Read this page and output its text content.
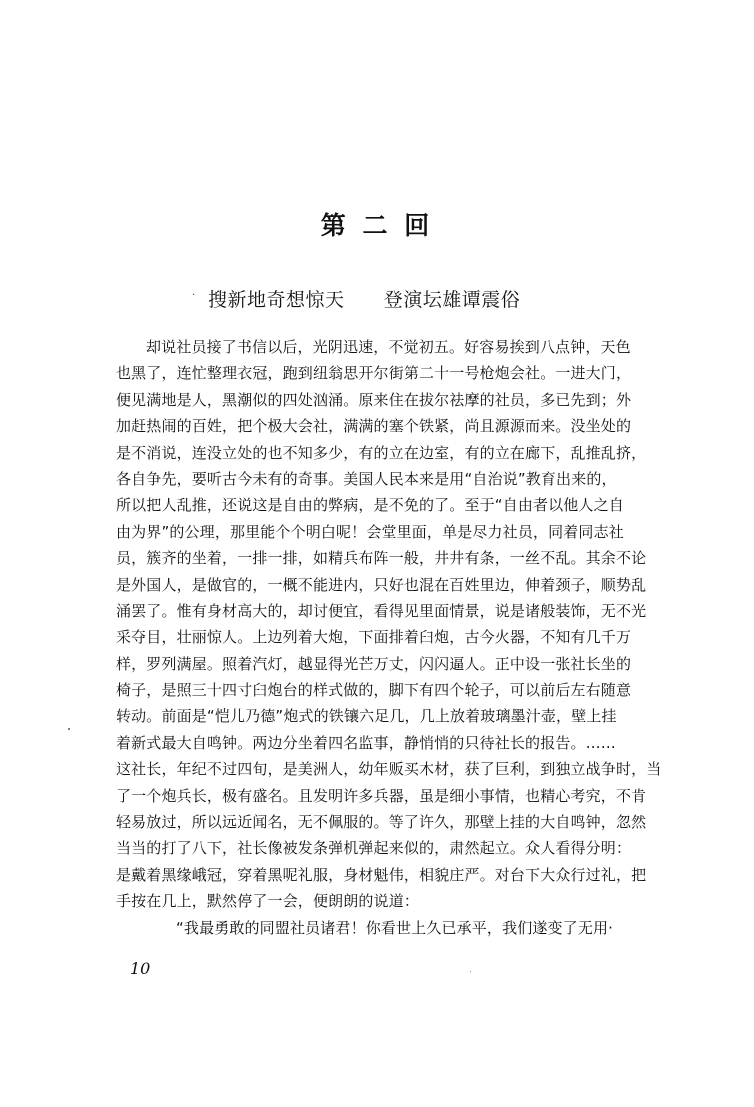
第 二 回
· 搜新地奇想惊天      登演坛雄谭震俗
却说社员接了书信以后，光阴迅速，不觉初五。好容易挨到八点钟，天色
也黑了，连忙整理衣冠，跑到纽翁思开尔街第二十一号枪炮会社。一进大门，
便见满地是人，黑潮似的四处汹涌。原来住在拔尔祛摩的社员，多已先到；外
加赶热闹的百姓，把个极大会社，满满的塞个铁紧，尚且源源而来。没坐处的
是不消说，连没立处的也不知多少，有的立在边室，有的立在廊下，乱推乱挤，
各自争先，要听古今未有的奇事。美国人民本来是用“自治说”教育出来的，
所以把人乱推，还说这是自由的弊病，是不免的了。至于“自由者以他人之自
由为界”的公理，那里能个个明白呢！会堂里面，单是尽力社员，同着同志社
员，簇齐的坐着，一排一排，如精兵布阵一般，井井有条，一丝不乱。其余不论
是外国人，是做官的，一概不能进内，只好也混在百姓里边，伸着颈子，顺势乱
涌罢了。惟有身材高大的，却讨便宜，看得见里面情景，说是诸般装饰，无不光
采夺目，壮丽惊人。上边列着大炮，下面排着臼炮，古今火器，不知有几千万
样，罗列满屋。照着汽灯，越显得光芒万丈，闪闪逼人。正中设一张社长坐的
椅子，是照三十四寸臼炮台的样式做的，脚下有四个轮子，可以前后左右随意
转动。前面是“恺儿乃德”炮式的铁镶六足几，几上放着玻璃墨汁壶，壁上挂
着新式最大自鸣钟。两边分坐着四名监事，静悄悄的只待社长的报告。……
这社长，年纪不过四旬，是美洲人，幼年贩买木材，获了巨利，到独立战争时，当
了一个炮兵长，极有盛名。且发明许多兵器，虽是细小事情，也精心考究，不肯
轻易放过，所以远近闻名，无不佩服的。等了许久，那壁上挂的大自鸣钟，忽然
当当的打了八下，社长像被发条弹机弹起来似的，肃然起立。众人看得分明：
是戴着黑缘峨冠，穿着黑呢礼服，身材魁伟，相貌庄严。对台下大众行过礼，把
手按在几上，默然停了一会，便朗朗的说道：
“我最勇敢的同盟社员诸君！你看世上久已承平，我们遂变了无用·
10
